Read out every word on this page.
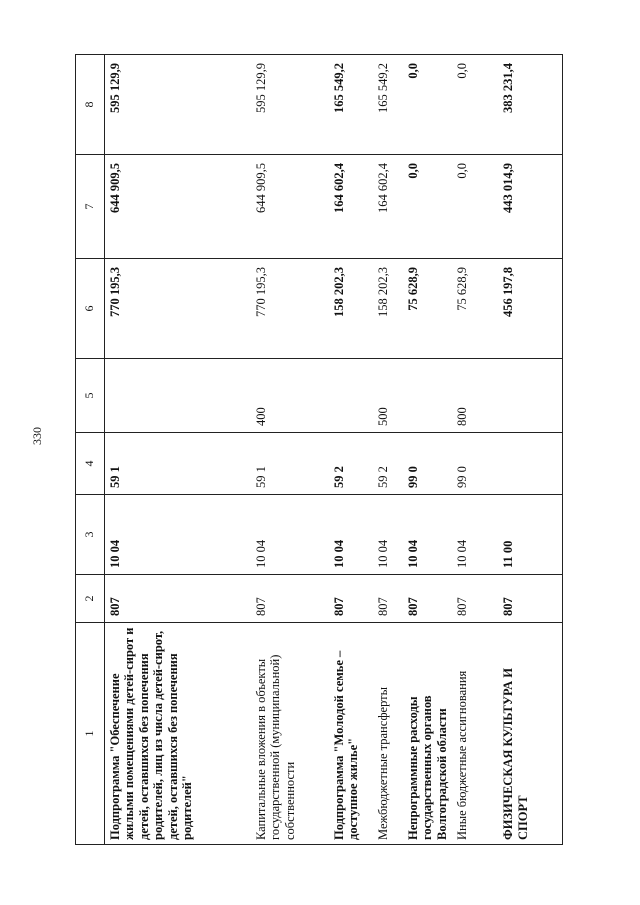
330
1	2	3	4	5	6	7	8
Подпрограмма "Обеспечение жилыми помещениями детей-сирот и детей, оставшихся без попечения родителей, лиц из числа детей-сирот, детей, оставшихся без попечения родителей"	807	10 04	59 1		770 195,3	644 909,5	595 129,9
Капитальные вложения в объекты государственной (муниципальной) собственности	807	10 04	59 1	400	770 195,3	644 909,5	595 129,9
Подпрограмма "Молодой семье – доступное жилье"	807	10 04	59 2		158 202,3	164 602,4	165 549,2
Межбюджетные трансферты	807	10 04	59 2	500	158 202,3	164 602,4	165 549,2
Непрограммные расходы государственных органов Волгоградской области	807	10 04	99 0		75 628,9	0,0	0,0
Иные бюджетные ассигнования	807	10 04	99 0	800	75 628,9	0,0	0,0
ФИЗИЧЕСКАЯ КУЛЬТУРА И СПОРТ	807	11 00			456 197,8	443 014,9	383 231,4
